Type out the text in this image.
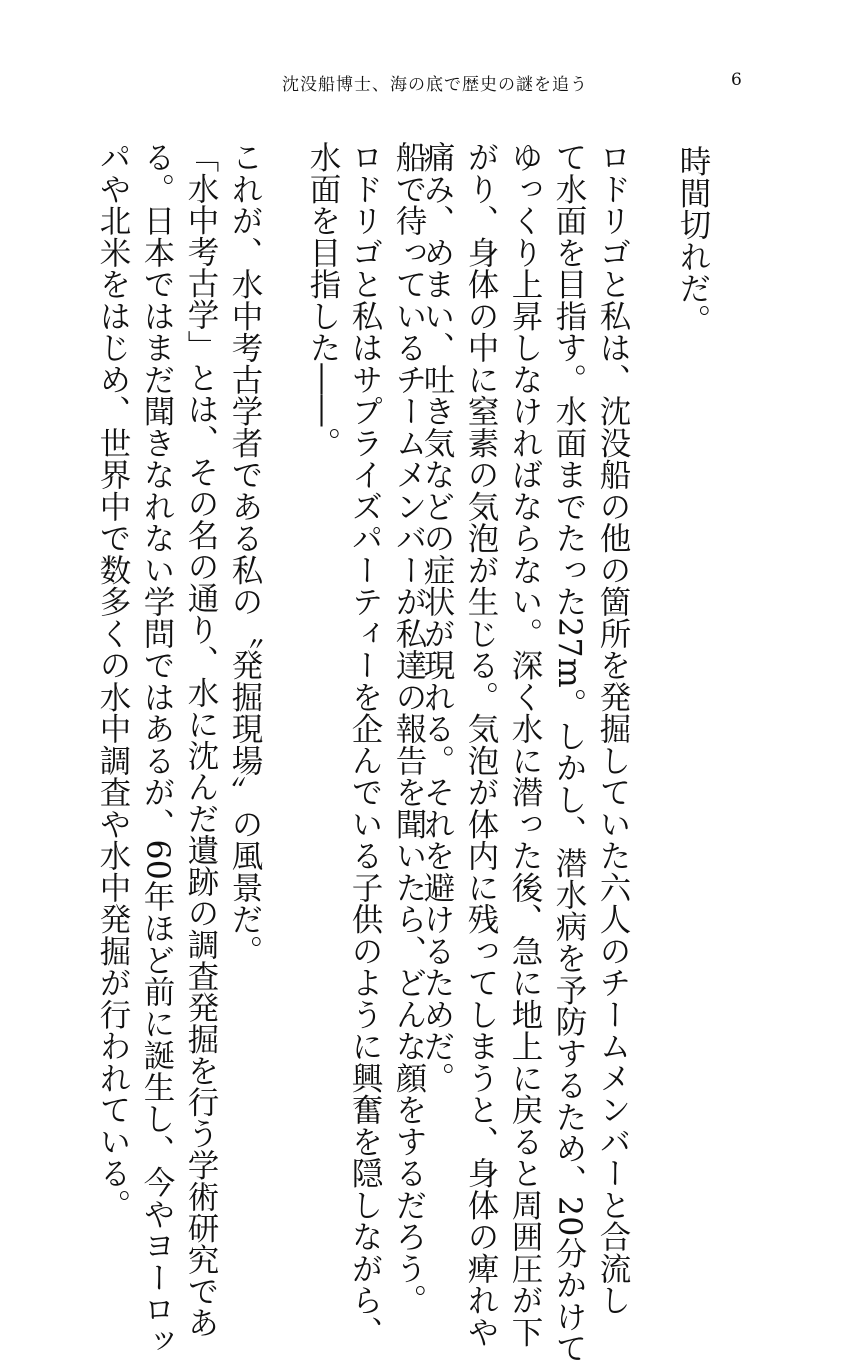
沈没船博士、海の底で歴史の謎を追う	6
時間切れだ。
ロドリゴと私は、沈没船の他の箇所を発掘していた六人のチームメンバーと合流し
て水面を目指す。水面までたった27m。しかし、潜水病を予防するため、20分かけて
ゆっくり上昇しなければならない。深く水に潜った後、急に地上に戻ると周囲圧が下
がり、身体の中に窒素の気泡が生じる。気泡が体内に残ってしまうと、身体の痺れや
痛み、めまい、吐き気などの症状が現れる。それを避けるためだ。
水面を目指した――。 船で待っているチームメンバーが私達の報告を聞いたら、どんな顔をするだろう。
ロドリゴと私はサプライズパーティーを企んでいる子供のように興奮を隠しながら、
これが、水中考古学者である私の〝発掘現場〟の風景だ。
「水中考古学」とは、その名の通り、水に沈んだ遺跡の調査発掘を行う学術研究であ
る。日本ではまだ聞きなれない学問ではあるが、60年ほど前に誕生し、今やヨーロッ
パや北米をはじめ、世界中で数多くの水中調査や水中発掘が行われている。
